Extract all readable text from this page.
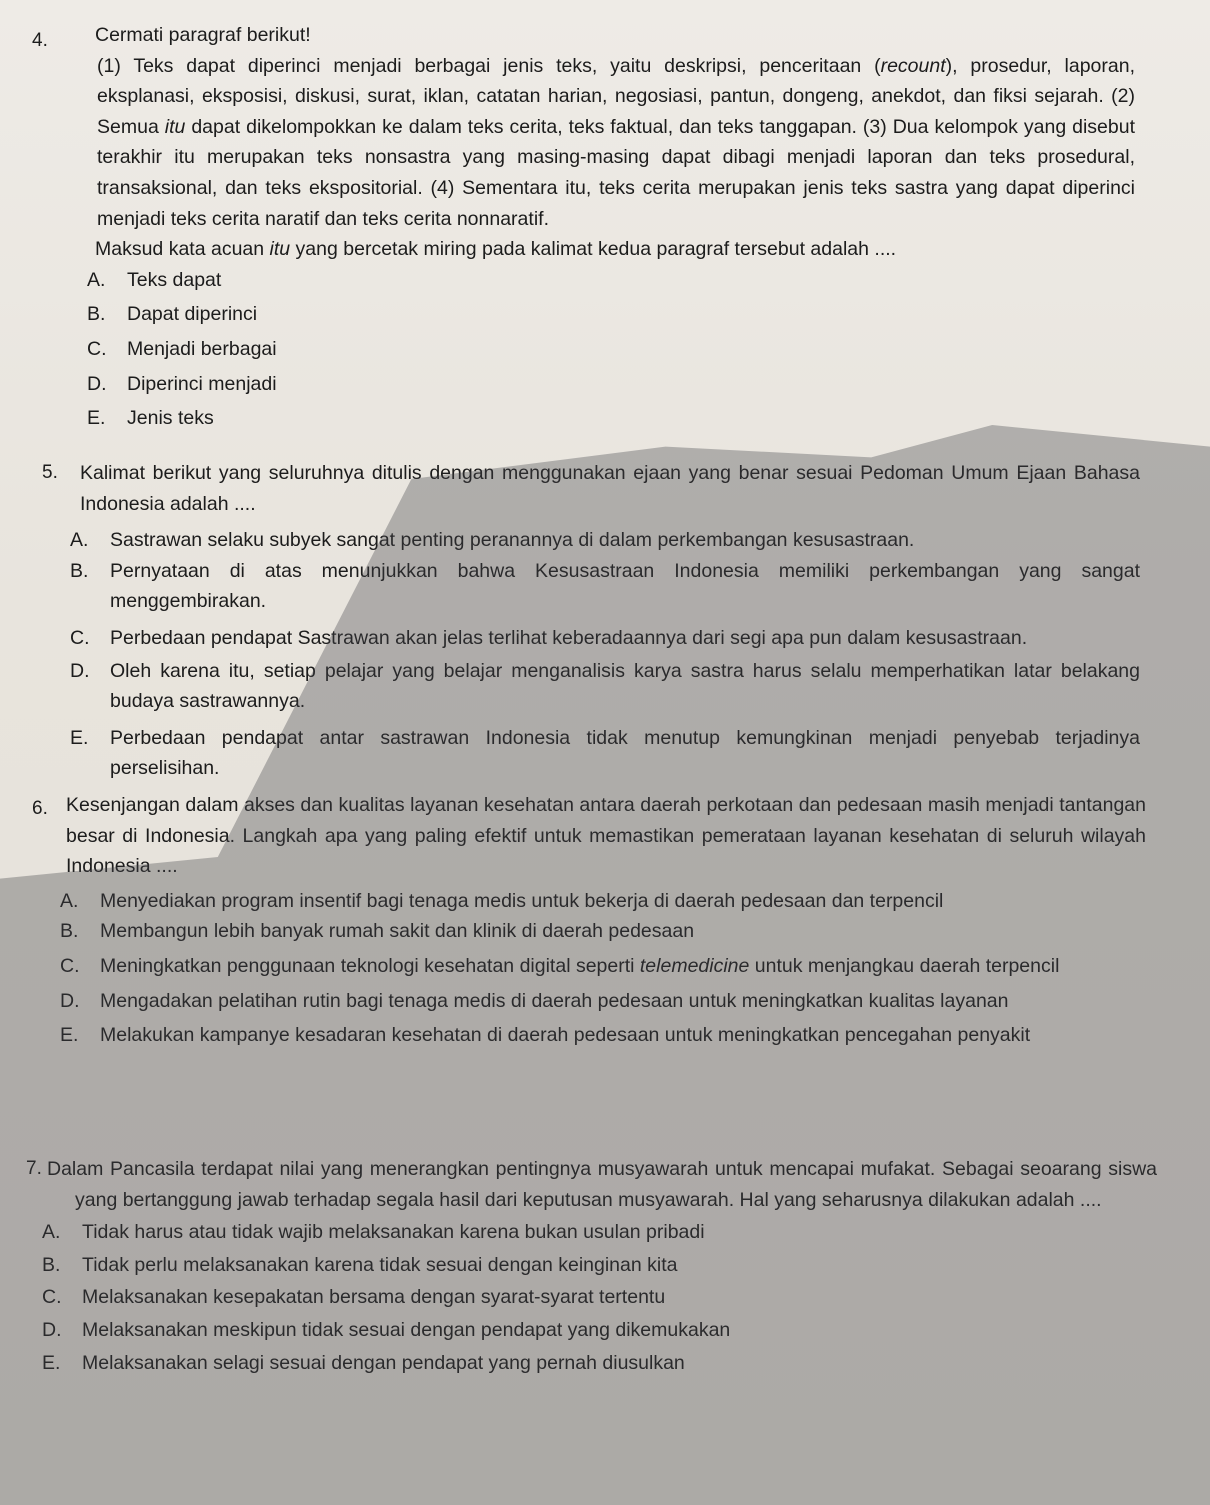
4. Cermati paragraf berikut!
(1) Teks dapat diperinci menjadi berbagai jenis teks, yaitu deskripsi, penceritaan (recount), prosedur, laporan, eksplanasi, eksposisi, diskusi, surat, iklan, catatan harian, negosiasi, pantun, dongeng, anekdot, dan fiksi sejarah. (2) Semua itu dapat dikelompokkan ke dalam teks cerita, teks faktual, dan teks tanggapan. (3) Dua kelompok yang disebut terakhir itu merupakan teks nonsastra yang masing-masing dapat dibagi menjadi laporan dan teks prosedural, transaksional, dan teks ekspositorial. (4) Sementara itu, teks cerita merupakan jenis teks sastra yang dapat diperinci menjadi teks cerita naratif dan teks cerita nonnaratif.
Maksud kata acuan itu yang bercetak miring pada kalimat kedua paragraf tersebut adalah ....
A. Teks dapat
B. Dapat diperinci
C. Menjadi berbagai
D. Diperinci menjadi
E. Jenis teks
5. Kalimat berikut yang seluruhnya ditulis dengan menggunakan ejaan yang benar sesuai Pedoman Umum Ejaan Bahasa Indonesia adalah ....
A. Sastrawan selaku subyek sangat penting peranannya di dalam perkembangan kesusastraan.
B. Pernyataan di atas menunjukkan bahwa Kesusastraan Indonesia memiliki perkembangan yang sangat menggembirakan.
C. Perbedaan pendapat Sastrawan akan jelas terlihat keberadaannya dari segi apa pun dalam kesusastraan.
D. Oleh karena itu, setiap pelajar yang belajar menganalisis karya sastra harus selalu memperhatikan latar belakang budaya sastrawannya.
E. Perbedaan pendapat antar sastrawan Indonesia tidak menutup kemungkinan menjadi penyebab terjadinya perselisihan.
6. Kesenjangan dalam akses dan kualitas layanan kesehatan antara daerah perkotaan dan pedesaan masih menjadi tantangan besar di Indonesia. Langkah apa yang paling efektif untuk memastikan pemerataan layanan kesehatan di seluruh wilayah Indonesia ....
A. Menyediakan program insentif bagi tenaga medis untuk bekerja di daerah pedesaan dan terpencil
B. Membangun lebih banyak rumah sakit dan klinik di daerah pedesaan
C. Meningkatkan penggunaan teknologi kesehatan digital seperti telemedicine untuk menjangkau daerah terpencil
D. Mengadakan pelatihan rutin bagi tenaga medis di daerah pedesaan untuk meningkatkan kualitas layanan
E. Melakukan kampanye kesadaran kesehatan di daerah pedesaan untuk meningkatkan pencegahan penyakit
7. Dalam Pancasila terdapat nilai yang menerangkan pentingnya musyawarah untuk mencapai mufakat. Sebagai seoarang siswa yang bertanggung jawab terhadap segala hasil dari keputusan musyawarah. Hal yang seharusnya dilakukan adalah ....
A. Tidak harus atau tidak wajib melaksanakan karena bukan usulan pribadi
B. Tidak perlu melaksanakan karena tidak sesuai dengan keinginan kita
C. Melaksanakan kesepakatan bersama dengan syarat-syarat tertentu
D. Melaksanakan meskipun tidak sesuai dengan pendapat yang dikemukakan
E. Melaksanakan selagi sesuai dengan pendapat yang pernah diusulkan
